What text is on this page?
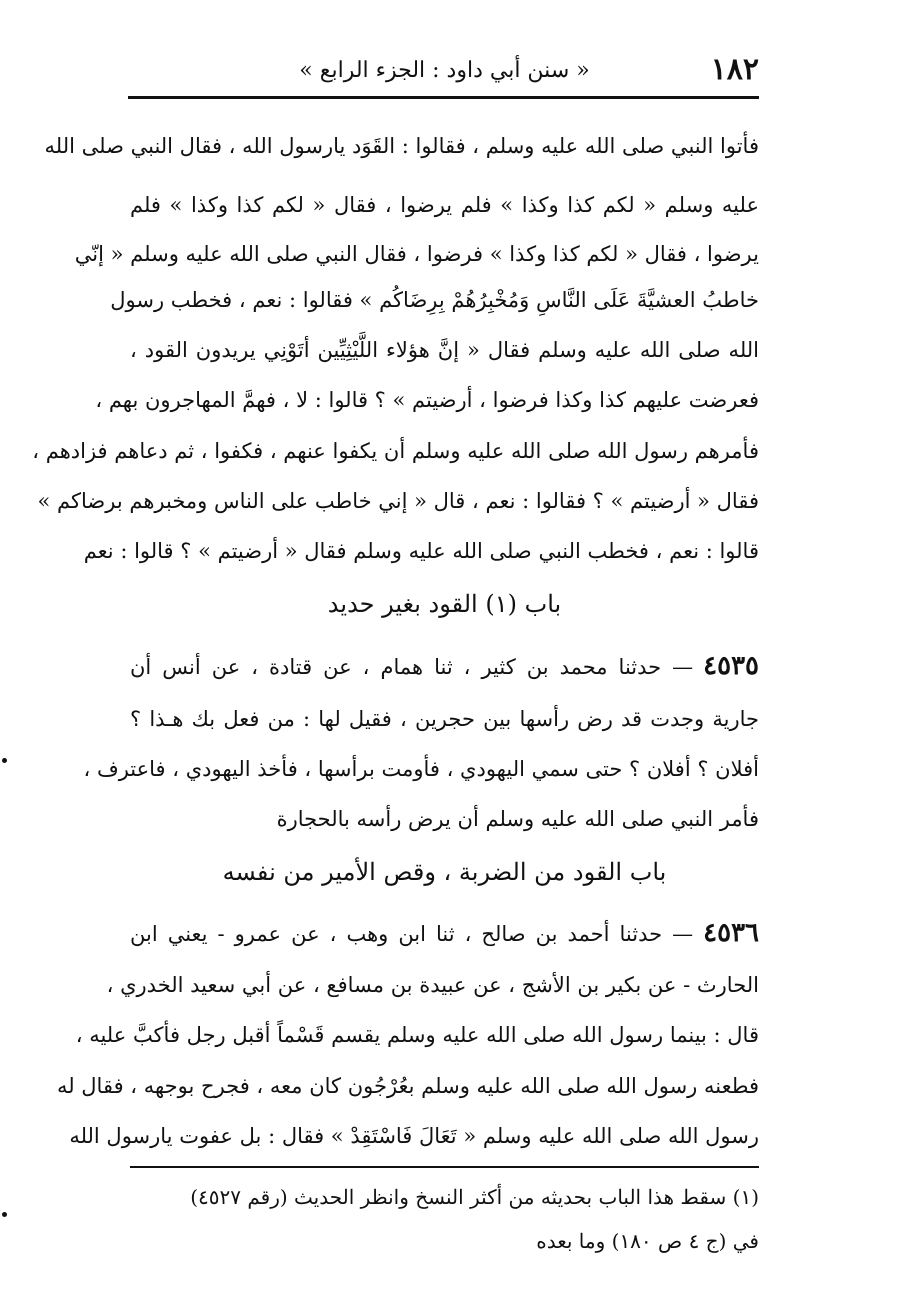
١٨٢
« سنن أبي داود : الجزء الرابع »
فأتوا النبي صلى الله عليه وسلم ، فقالوا : القَوَد يارسول الله ، فقال النبي صلى الله
عليه وسلم « لكم كذا وكذا » فلم يرضوا ، فقال « لكم كذا وكذا » فلم
يرضوا ، فقال « لكم كذا وكذا » فرضوا ، فقال النبي صلى الله عليه وسلم « إنّي
خاطبُ العشيَّةَ عَلَى النَّاسِ وَمُخْبِرُهُمْ بِرِضَاكُم » فقالوا : نعم ، فخطب رسول
الله صلى الله عليه وسلم فقال « إنَّ هؤلاء اللَّيْثِيِّين أتَوْنِي يريدون القود ،
فعرضت عليهم كذا وكذا فرضوا ، أرضيتم » ؟ قالوا : لا ، فهمَّ المهاجرون بهم ،
فأمرهم رسول الله صلى الله عليه وسلم أن يكفوا عنهم ، فكفوا ، ثم دعاهم فزادهم ،
فقال « أرضيتم » ؟ فقالوا : نعم ، قال « إني خاطب على الناس ومخبرهم برضاكم »
قالوا : نعم ، فخطب النبي صلى الله عليه وسلم فقال « أرضيتم » ؟ قالوا : نعم
باب (١) القود بغير حديد
٤٥٣٥— حدثنا محمد بن كثير ، ثنا همام ، عن قتادة ، عن أنس أن
جارية وجدت قد رض رأسها بين حجرين ، فقيل لها : من فعل بك هـذا ؟
أفلان ؟ أفلان ؟ حتى سمي اليهودي ، فأومت برأسها ، فأخذ اليهودي ، فاعترف ،
فأمر النبي صلى الله عليه وسلم أن يرض رأسه بالحجارة
باب القود من الضربة ، وقص الأمير من نفسه
٤٥٣٦— حدثنا أحمد بن صالح ، ثنا ابن وهب ، عن عمرو - يعني ابن
الحارث - عن بكير بن الأشج ، عن عبيدة بن مسافع ، عن أبي سعيد الخدري ،
قال : بينما رسول الله صلى الله عليه وسلم يقسم قَسْماً أقبل رجل فأكبَّ عليه ،
فطعنه رسول الله صلى الله عليه وسلم بعُرْجُون كان معه ، فجرح بوجهه ، فقال له
رسول الله صلى الله عليه وسلم « تَعَالَ فَاسْتَقِدْ » فقال : بل عفوت يارسول الله
(١) سقط هذا الباب بحديثه من أكثر النسخ وانظر الحديث (رقم ٤٥٢٧)
في (ج ٤ ص ١٨٠) وما بعده
